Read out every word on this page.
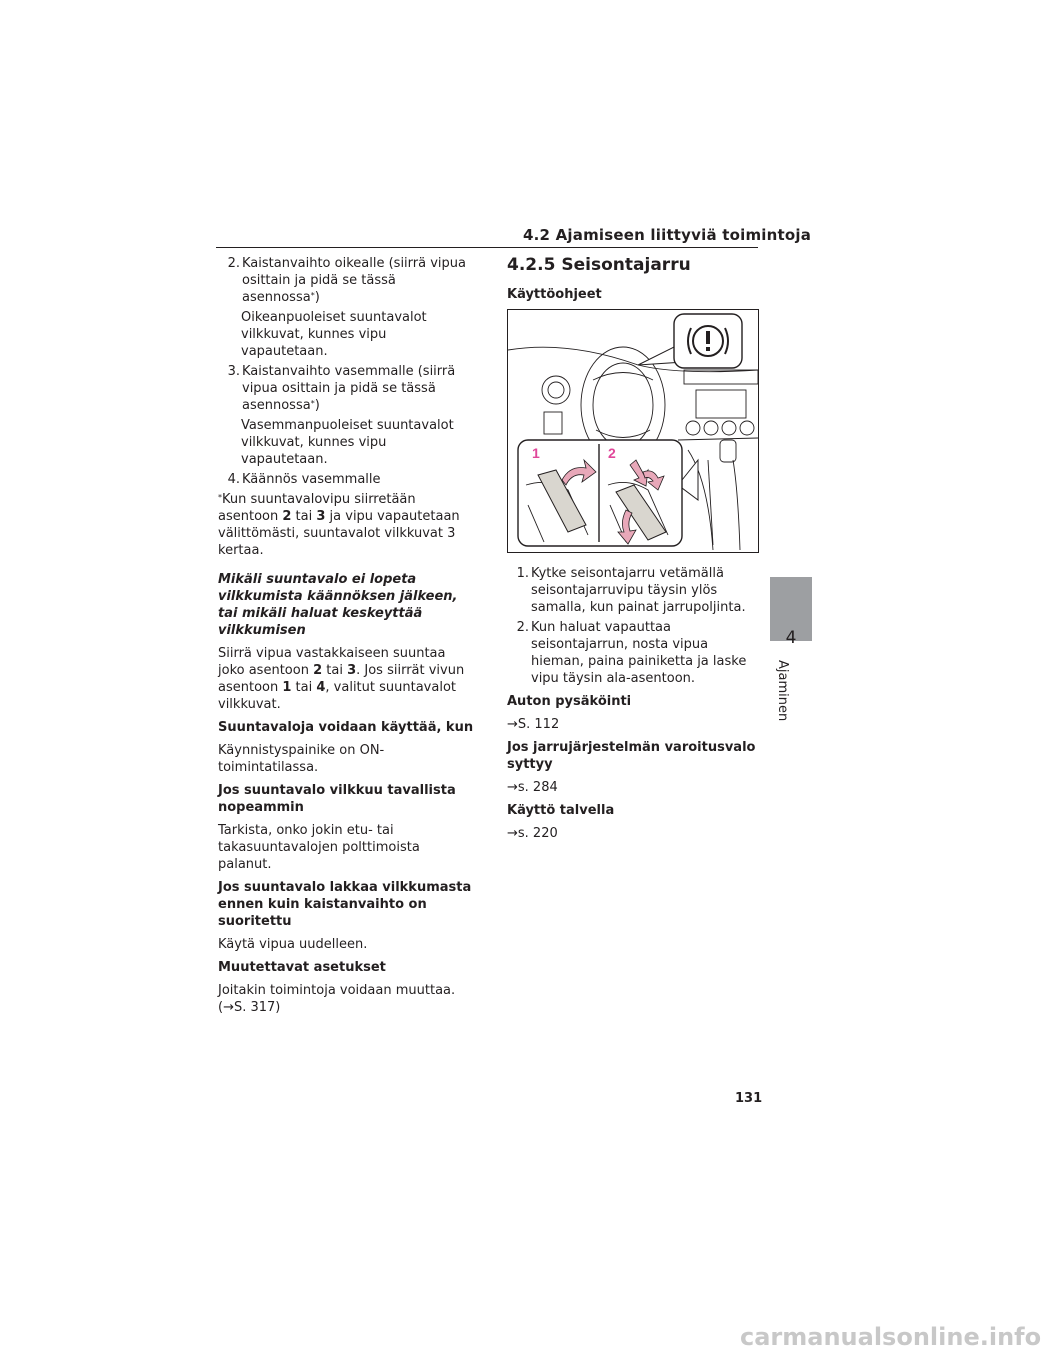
4.2 Ajamiseen liittyviä toimintoja
2. Kaistanvaihto oikealle (siirrä vipua osittain ja pidä se tässä asennossa*)
Oikeanpuoleiset suuntavalot vilkkuvat, kunnes vipu vapautetaan.
3. Kaistanvaihto vasemmalle (siirrä vipua osittain ja pidä se tässä asennossa*)
Vasemmanpuoleiset suuntavalot vilkkuvat, kunnes vipu vapautetaan.
4. Käännös vasemmalle
*Kun suuntavalovipu siirretään asentoon 2 tai 3 ja vipu vapautetaan välittömästi, suuntavalot vilkkuvat 3 kertaa.
Mikäli suuntavalo ei lopeta vilkkumista käännöksen jälkeen, tai mikäli haluat keskeyttää vilkkumisen
Siirrä vipua vastakkaiseen suuntaa joko asentoon 2 tai 3. Jos siirrät vivun asentoon 1 tai 4, valitut suuntavalot vilkkuvat.
Suuntavaloja voidaan käyttää, kun
Käynnistyspainike on ON-toimintatilassa.
Jos suuntavalo vilkkuu tavallista nopeammin
Tarkista, onko jokin etu- tai takasuuntavalojen polttimoista palanut.
Jos suuntavalo lakkaa vilkkumasta ennen kuin kaistanvaihto on suoritettu
Käytä vipua uudelleen.
Muutettavat asetukset
Joitakin toimintoja voidaan muuttaa. (→S. 317)
4.2.5 Seisontajarru
Käyttöohjeet
1	2
1. Kytke seisontajarru vetämällä seisontajarruvipu täysin ylös samalla, kun painat jarrupoljinta.
2. Kun haluat vapauttaa seisontajarrun, nosta vipua hieman, paina painiketta ja laske vipu täysin ala-asentoon.
Auton pysäköinti
→S. 112
Jos jarrujärjestelmän varoitusvalo syttyy
→s. 284
Käyttö talvella
→s. 220
4
Ajaminen
131
carmanualsonline.info
